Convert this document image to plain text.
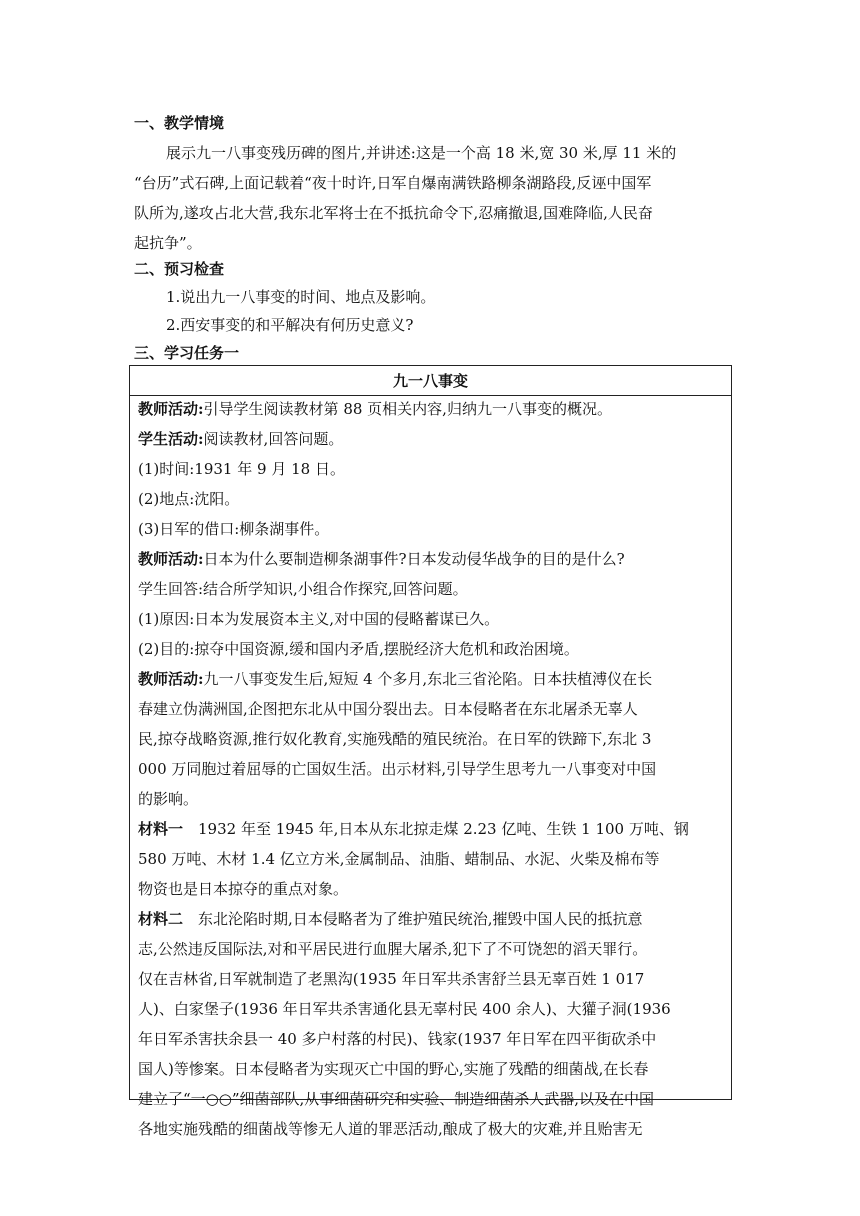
一、教学情境
展示九一八事变残历碑的图片,并讲述:这是一个高 18 米,宽 30 米,厚 11 米的
“台历”式石碑,上面记载着“夜十时许,日军自爆南满铁路柳条湖路段,反诬中国军
队所为,遂攻占北大营,我东北军将士在不抵抗命令下,忍痛撤退,国难降临,人民奋
起抗争”。
二、预习检查
1.说出九一八事变的时间、地点及影响。
2.西安事变的和平解决有何历史意义?
三、学习任务一
九一八事变
教师活动:引导学生阅读教材第 88 页相关内容,归纳九一八事变的概况。
学生活动:阅读教材,回答问题。
(1)时间:1931 年 9 月 18 日。
(2)地点:沈阳。
(3)日军的借口:柳条湖事件。
教师活动:日本为什么要制造柳条湖事件?日本发动侵华战争的目的是什么?
学生回答:结合所学知识,小组合作探究,回答问题。
(1)原因:日本为发展资本主义,对中国的侵略蓄谋已久。
(2)目的:掠夺中国资源,缓和国内矛盾,摆脱经济大危机和政治困境。
教师活动:九一八事变发生后,短短 4 个多月,东北三省沦陷。日本扶植溥仪在长
春建立伪满洲国,企图把东北从中国分裂出去。日本侵略者在东北屠杀无辜人
民,掠夺战略资源,推行奴化教育,实施残酷的殖民统治。在日军的铁蹄下,东北 3
000 万同胞过着屈辱的亡国奴生活。出示材料,引导学生思考九一八事变对中国
的影响。
材料一　1932 年至 1945 年,日本从东北掠走煤 2.23 亿吨、生铁 1 100 万吨、钢
580 万吨、木材 1.4 亿立方米,金属制品、油脂、蜡制品、水泥、火柴及棉布等
物资也是日本掠夺的重点对象。
材料二　东北沦陷时期,日本侵略者为了维护殖民统治,摧毁中国人民的抵抗意
志,公然违反国际法,对和平居民进行血腥大屠杀,犯下了不可饶恕的滔天罪行。
仅在吉林省,日军就制造了老黑沟(1935 年日军共杀害舒兰县无辜百姓 1 017
人)、白家堡子(1936 年日军共杀害通化县无辜村民 400 余人)、大獾子洞(1936
年日军杀害扶余县一 40 多户村落的村民)、钱家(1937 年日军在四平街砍杀中
国人)等惨案。日本侵略者为实现灭亡中国的野心,实施了残酷的细菌战,在长春
建立了“一○○”细菌部队,从事细菌研究和实验、制造细菌杀人武器,以及在中国
各地实施残酷的细菌战等惨无人道的罪恶活动,酿成了极大的灾难,并且贻害无
